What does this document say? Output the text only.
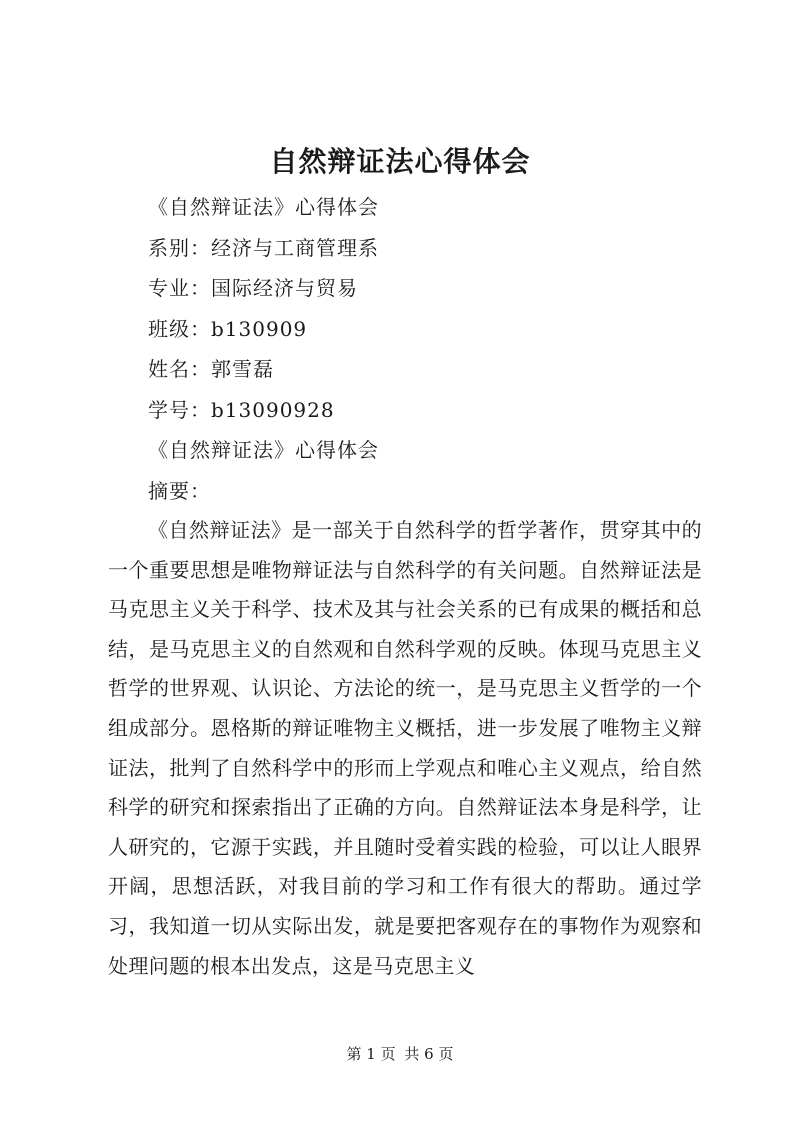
自然辩证法心得体会
《自然辩证法》心得体会
系别：经济与工商管理系
专业：国际经济与贸易
班级：b130909
姓名：郭雪磊
学号：b13090928
《自然辩证法》心得体会
摘要：

《自然辩证法》是一部关于自然科学的哲学著作，贯穿其中的一个重要思想是唯物辩证法与自然科学的有关问题。自然辩证法是马克思主义关于科学、技术及其与社会关系的已有成果的概括和总结，是马克思主义的自然观和自然科学观的反映。体现马克思主义哲学的世界观、认识论、方法论的统一，是马克思主义哲学的一个组成部分。恩格斯的辩证唯物主义概括，进一步发展了唯物主义辩证法，批判了自然科学中的形而上学观点和唯心主义观点，给自然科学的研究和探索指出了正确的方向。自然辩证法本身是科学，让人研究的，它源于实践，并且随时受着实践的检验，可以让人眼界开阔，思想活跃，对我目前的学习和工作有很大的帮助。通过学习，我知道一切从实际出发，就是要把客观存在的事物作为观察和处理问题的根本出发点，这是马克思主义

第 1 页 共 6 页
